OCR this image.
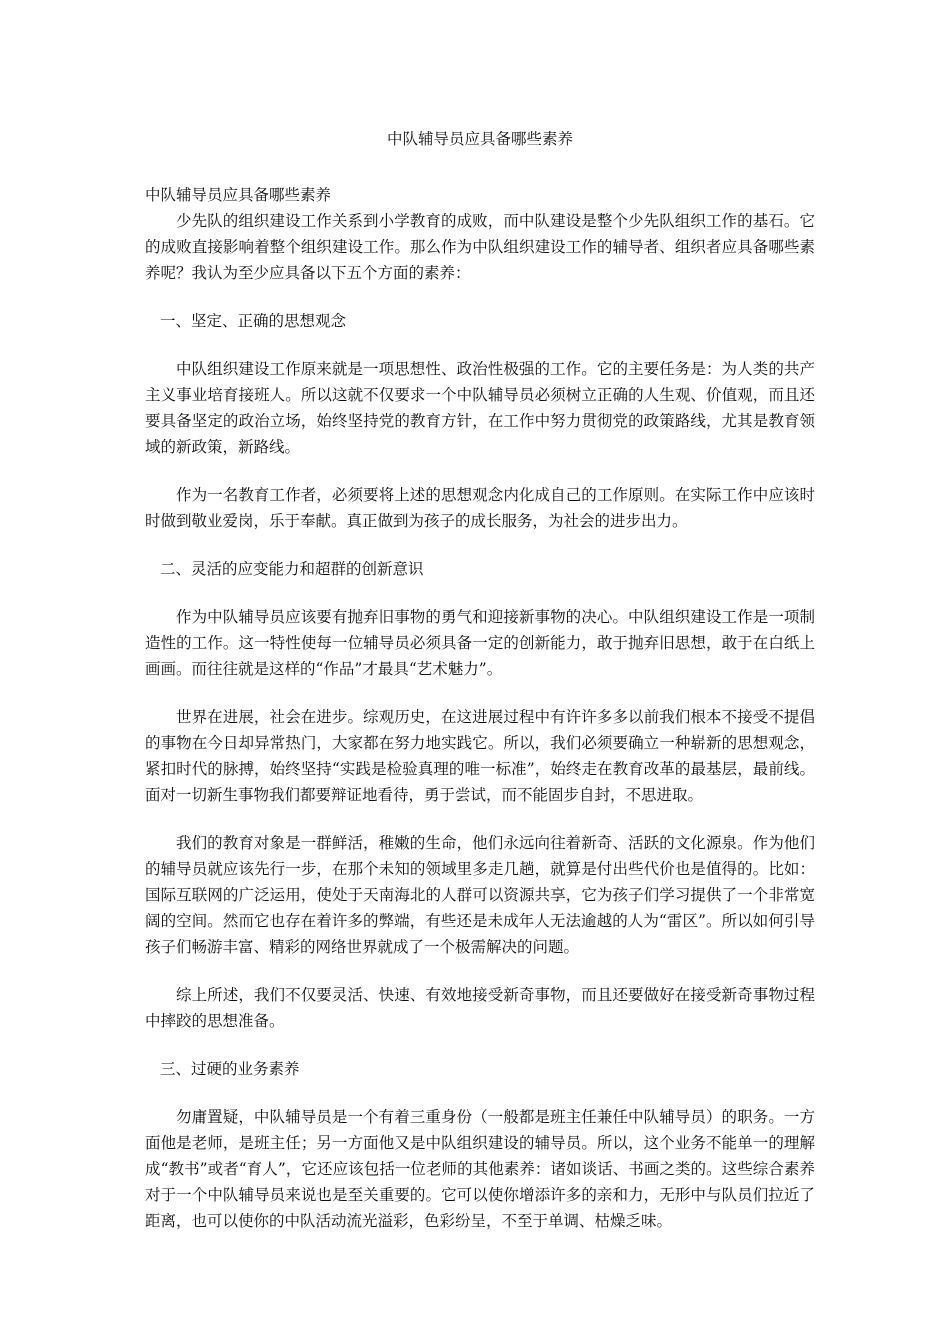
中队辅导员应具备哪些素养

中队辅导员应具备哪些素养

少先队的组织建设工作关系到小学教育的成败，而中队建设是整个少先队组织工作的基石。它的成败直接影响着整个组织建设工作。那么作为中队组织建设工作的辅导者、组织者应具备哪些素养呢？我认为至少应具备以下五个方面的素养：

一、坚定、正确的思想观念

中队组织建设工作原来就是一项思想性、政治性极强的工作。它的主要任务是：为人类的共产主义事业培育接班人。所以这就不仅要求一个中队辅导员必须树立正确的人生观、价值观，而且还要具备坚定的政治立场，始终坚持党的教育方针，在工作中努力贯彻党的政策路线，尤其是教育领域的新政策，新路线。

作为一名教育工作者，必须要将上述的思想观念内化成自己的工作原则。在实际工作中应该时时做到敬业爱岗，乐于奉献。真正做到为孩子的成长服务，为社会的进步出力。

二、灵活的应变能力和超群的创新意识

作为中队辅导员应该要有抛弃旧事物的勇气和迎接新事物的决心。中队组织建设工作是一项制造性的工作。这一特性使每一位辅导员必须具备一定的创新能力，敢于抛弃旧思想，敢于在白纸上画画。而往往就是这样的“作品”才最具“艺术魅力”。

世界在进展，社会在进步。综观历史，在这进展过程中有许许多多以前我们根本不接受不提倡的事物在今日却异常热门，大家都在努力地实践它。所以，我们必须要确立一种崭新的思想观念，紧扣时代的脉搏，始终坚持“实践是检验真理的唯一标准”，始终走在教育改革的最基层，最前线。面对一切新生事物我们都要辩证地看待，勇于尝试，而不能固步自封，不思进取。

我们的教育对象是一群鲜活，稚嫩的生命，他们永远向往着新奇、活跃的文化源泉。作为他们的辅导员就应该先行一步，在那个未知的领域里多走几趟，就算是付出些代价也是值得的。比如：国际互联网的广泛运用，使处于天南海北的人群可以资源共享，它为孩子们学习提供了一个非常宽阔的空间。然而它也存在着许多的弊端，有些还是未成年人无法逾越的人为“雷区”。所以如何引导孩子们畅游丰富、精彩的网络世界就成了一个极需解决的问题。

综上所述，我们不仅要灵活、快速、有效地接受新奇事物，而且还要做好在接受新奇事物过程中摔跤的思想准备。

三、过硬的业务素养

勿庸置疑，中队辅导员是一个有着三重身份（一般都是班主任兼任中队辅导员）的职务。一方面他是老师，是班主任；另一方面他又是中队组织建设的辅导员。所以，这个业务不能单一的理解成“教书”或者“育人”，它还应该包括一位老师的其他素养：诸如谈话、书画之类的。这些综合素养对于一个中队辅导员来说也是至关重要的。它可以使你增添许多的亲和力，无形中与队员们拉近了距离，也可以使你的中队活动流光溢彩，色彩纷呈，不至于单调、枯燥乏味。
